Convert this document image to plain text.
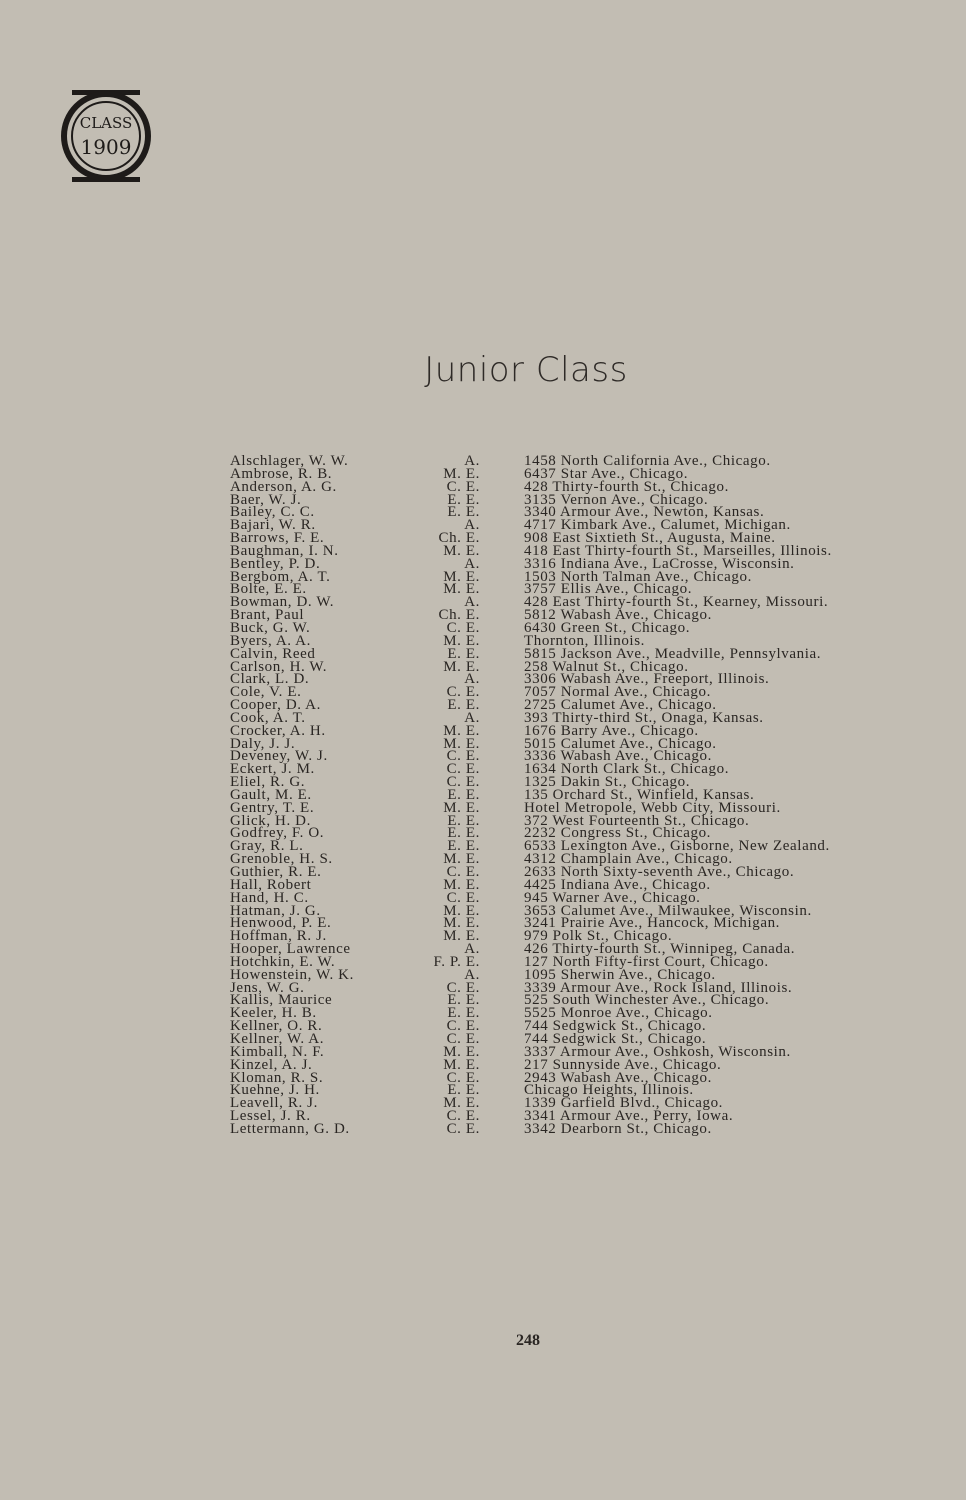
CLASS
1909
Junior Class
Alschlager, W. W.	A.	1458 North California Ave., Chicago.
Ambrose, R. B.	M. E.	6437 Star Ave., Chicago.
Anderson, A. G.	C. E.	428 Thirty-fourth St., Chicago.
Baer, W. J.	E. E.	3135 Vernon Ave., Chicago.
Bailey, C. C.	E. E.	3340 Armour Ave., Newton, Kansas.
Bajari, W. R.	A.	4717 Kimbark Ave., Calumet, Michigan.
Barrows, F. E.	Ch. E.	908 East Sixtieth St., Augusta, Maine.
Baughman, I. N.	M. E.	418 East Thirty-fourth St., Marseilles, Illinois.
Bentley, P. D.	A.	3316 Indiana Ave., LaCrosse, Wisconsin.
Bergbom, A. T.	M. E.	1503 North Talman Ave., Chicago.
Bolte, E. E.	M. E.	3757 Ellis Ave., Chicago.
Bowman, D. W.	A.	428 East Thirty-fourth St., Kearney, Missouri.
Brant, Paul	Ch. E.	5812 Wabash Ave., Chicago.
Buck, G. W.	C. E.	6430 Green St., Chicago.
Byers, A. A.	M. E.	Thornton, Illinois.
Calvin, Reed	E. E.	5815 Jackson Ave., Meadville, Pennsylvania.
Carlson, H. W.	M. E.	258 Walnut St., Chicago.
Clark, L. D.	A.	3306 Wabash Ave., Freeport, Illinois.
Cole, V. E.	C. E.	7057 Normal Ave., Chicago.
Cooper, D. A.	E. E.	2725 Calumet Ave., Chicago.
Cook, A. T.	A.	393 Thirty-third St., Onaga, Kansas.
Crocker, A. H.	M. E.	1676 Barry Ave., Chicago.
Daly, J. J.	M. E.	5015 Calumet Ave., Chicago.
Deveney, W. J.	C. E.	3336 Wabash Ave., Chicago.
Eckert, J. M.	C. E.	1634 North Clark St., Chicago.
Eliel, R. G.	C. E.	1325 Dakin St., Chicago.
Gault, M. E.	E. E.	135 Orchard St., Winfield, Kansas.
Gentry, T. E.	M. E.	Hotel Metropole, Webb City, Missouri.
Glick, H. D.	E. E.	372 West Fourteenth St., Chicago.
Godfrey, F. O.	E. E.	2232 Congress St., Chicago.
Gray, R. L.	E. E.	6533 Lexington Ave., Gisborne, New Zealand.
Grenoble, H. S.	M. E.	4312 Champlain Ave., Chicago.
Guthier, R. E.	C. E.	2633 North Sixty-seventh Ave., Chicago.
Hall, Robert	M. E.	4425 Indiana Ave., Chicago.
Hand, H. C.	C. E.	945 Warner Ave., Chicago.
Hatman, J. G.	M. E.	3653 Calumet Ave., Milwaukee, Wisconsin.
Henwood, P. E.	M. E.	3241 Prairie Ave., Hancock, Michigan.
Hoffman, R. J.	M. E.	979 Polk St., Chicago.
Hooper, Lawrence	A.	426 Thirty-fourth St., Winnipeg, Canada.
Hotchkin, E. W.	F. P. E.	127 North Fifty-first Court, Chicago.
Howenstein, W. K.	A.	1095 Sherwin Ave., Chicago.
Jens, W. G.	C. E.	3339 Armour Ave., Rock Island, Illinois.
Kallis, Maurice	E. E.	525 South Winchester Ave., Chicago.
Keeler, H. B.	E. E.	5525 Monroe Ave., Chicago.
Kellner, O. R.	C. E.	744 Sedgwick St., Chicago.
Kellner, W. A.	C. E.	744 Sedgwick St., Chicago.
Kimball, N. F.	M. E.	3337 Armour Ave., Oshkosh, Wisconsin.
Kinzel, A. J.	M. E.	217 Sunnyside Ave., Chicago.
Kloman, R. S.	C. E.	2943 Wabash Ave., Chicago.
Kuehne, J. H.	E. E.	Chicago Heights, Illinois.
Leavell, R. J.	M. E.	1339 Garfield Blvd., Chicago.
Lessel, J. R.	C. E.	3341 Armour Ave., Perry, Iowa.
Lettermann, G. D.	C. E.	3342 Dearborn St., Chicago.
248
